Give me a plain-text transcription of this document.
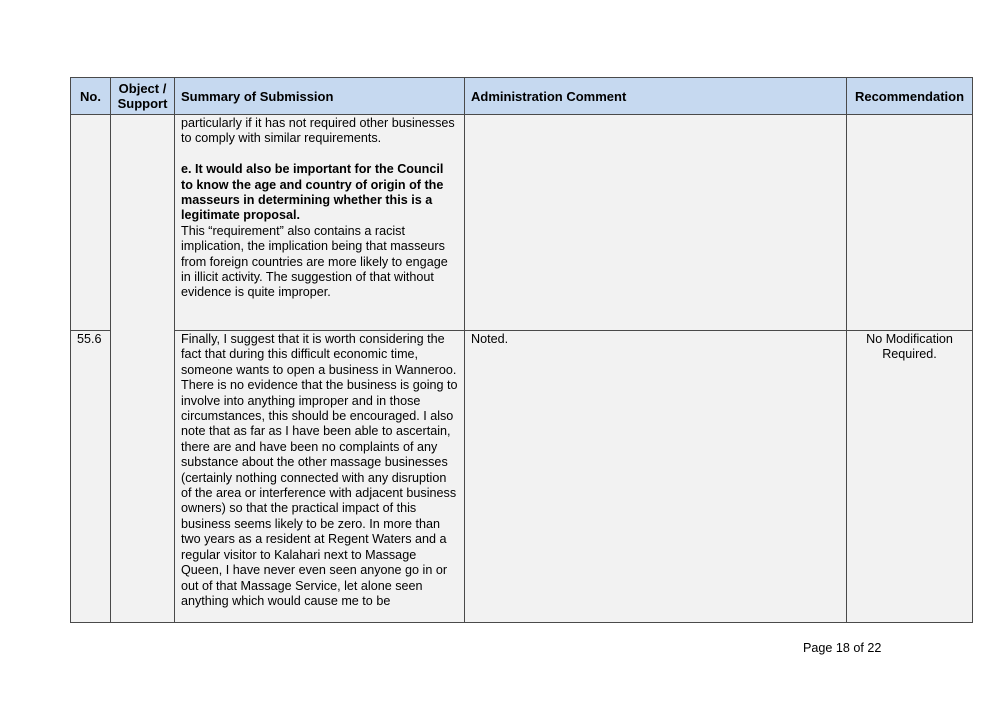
No.	Object / Support	Summary of Submission	Administration Comment	Recommendation

		particularly if it has not required other businesses to comply with similar requirements.

e. It would also be important for the Council to know the age and country of origin of the masseurs in determining whether this is a legitimate proposal.

This “requirement” also contains a racist implication, the implication being that masseurs from foreign countries are more likely to engage in illicit activity. The suggestion of that without evidence is quite improper.		

55.6		Finally, I suggest that it is worth considering the fact that during this difficult economic time, someone wants to open a business in Wanneroo. There is no evidence that the business is going to involve into anything improper and in those circumstances, this should be encouraged. I also note that as far as I have been able to ascertain, there are and have been no complaints of any substance about the other massage businesses (certainly nothing connected with any disruption of the area or interference with adjacent business owners) so that the practical impact of this business seems likely to be zero. In more than two years as a resident at Regent Waters and a regular visitor to Kalahari next to Massage Queen, I have never even seen anyone go in or out of that Massage Service, let alone seen anything which would cause me to be	Noted.	No Modification Required.
Page 18 of 22
